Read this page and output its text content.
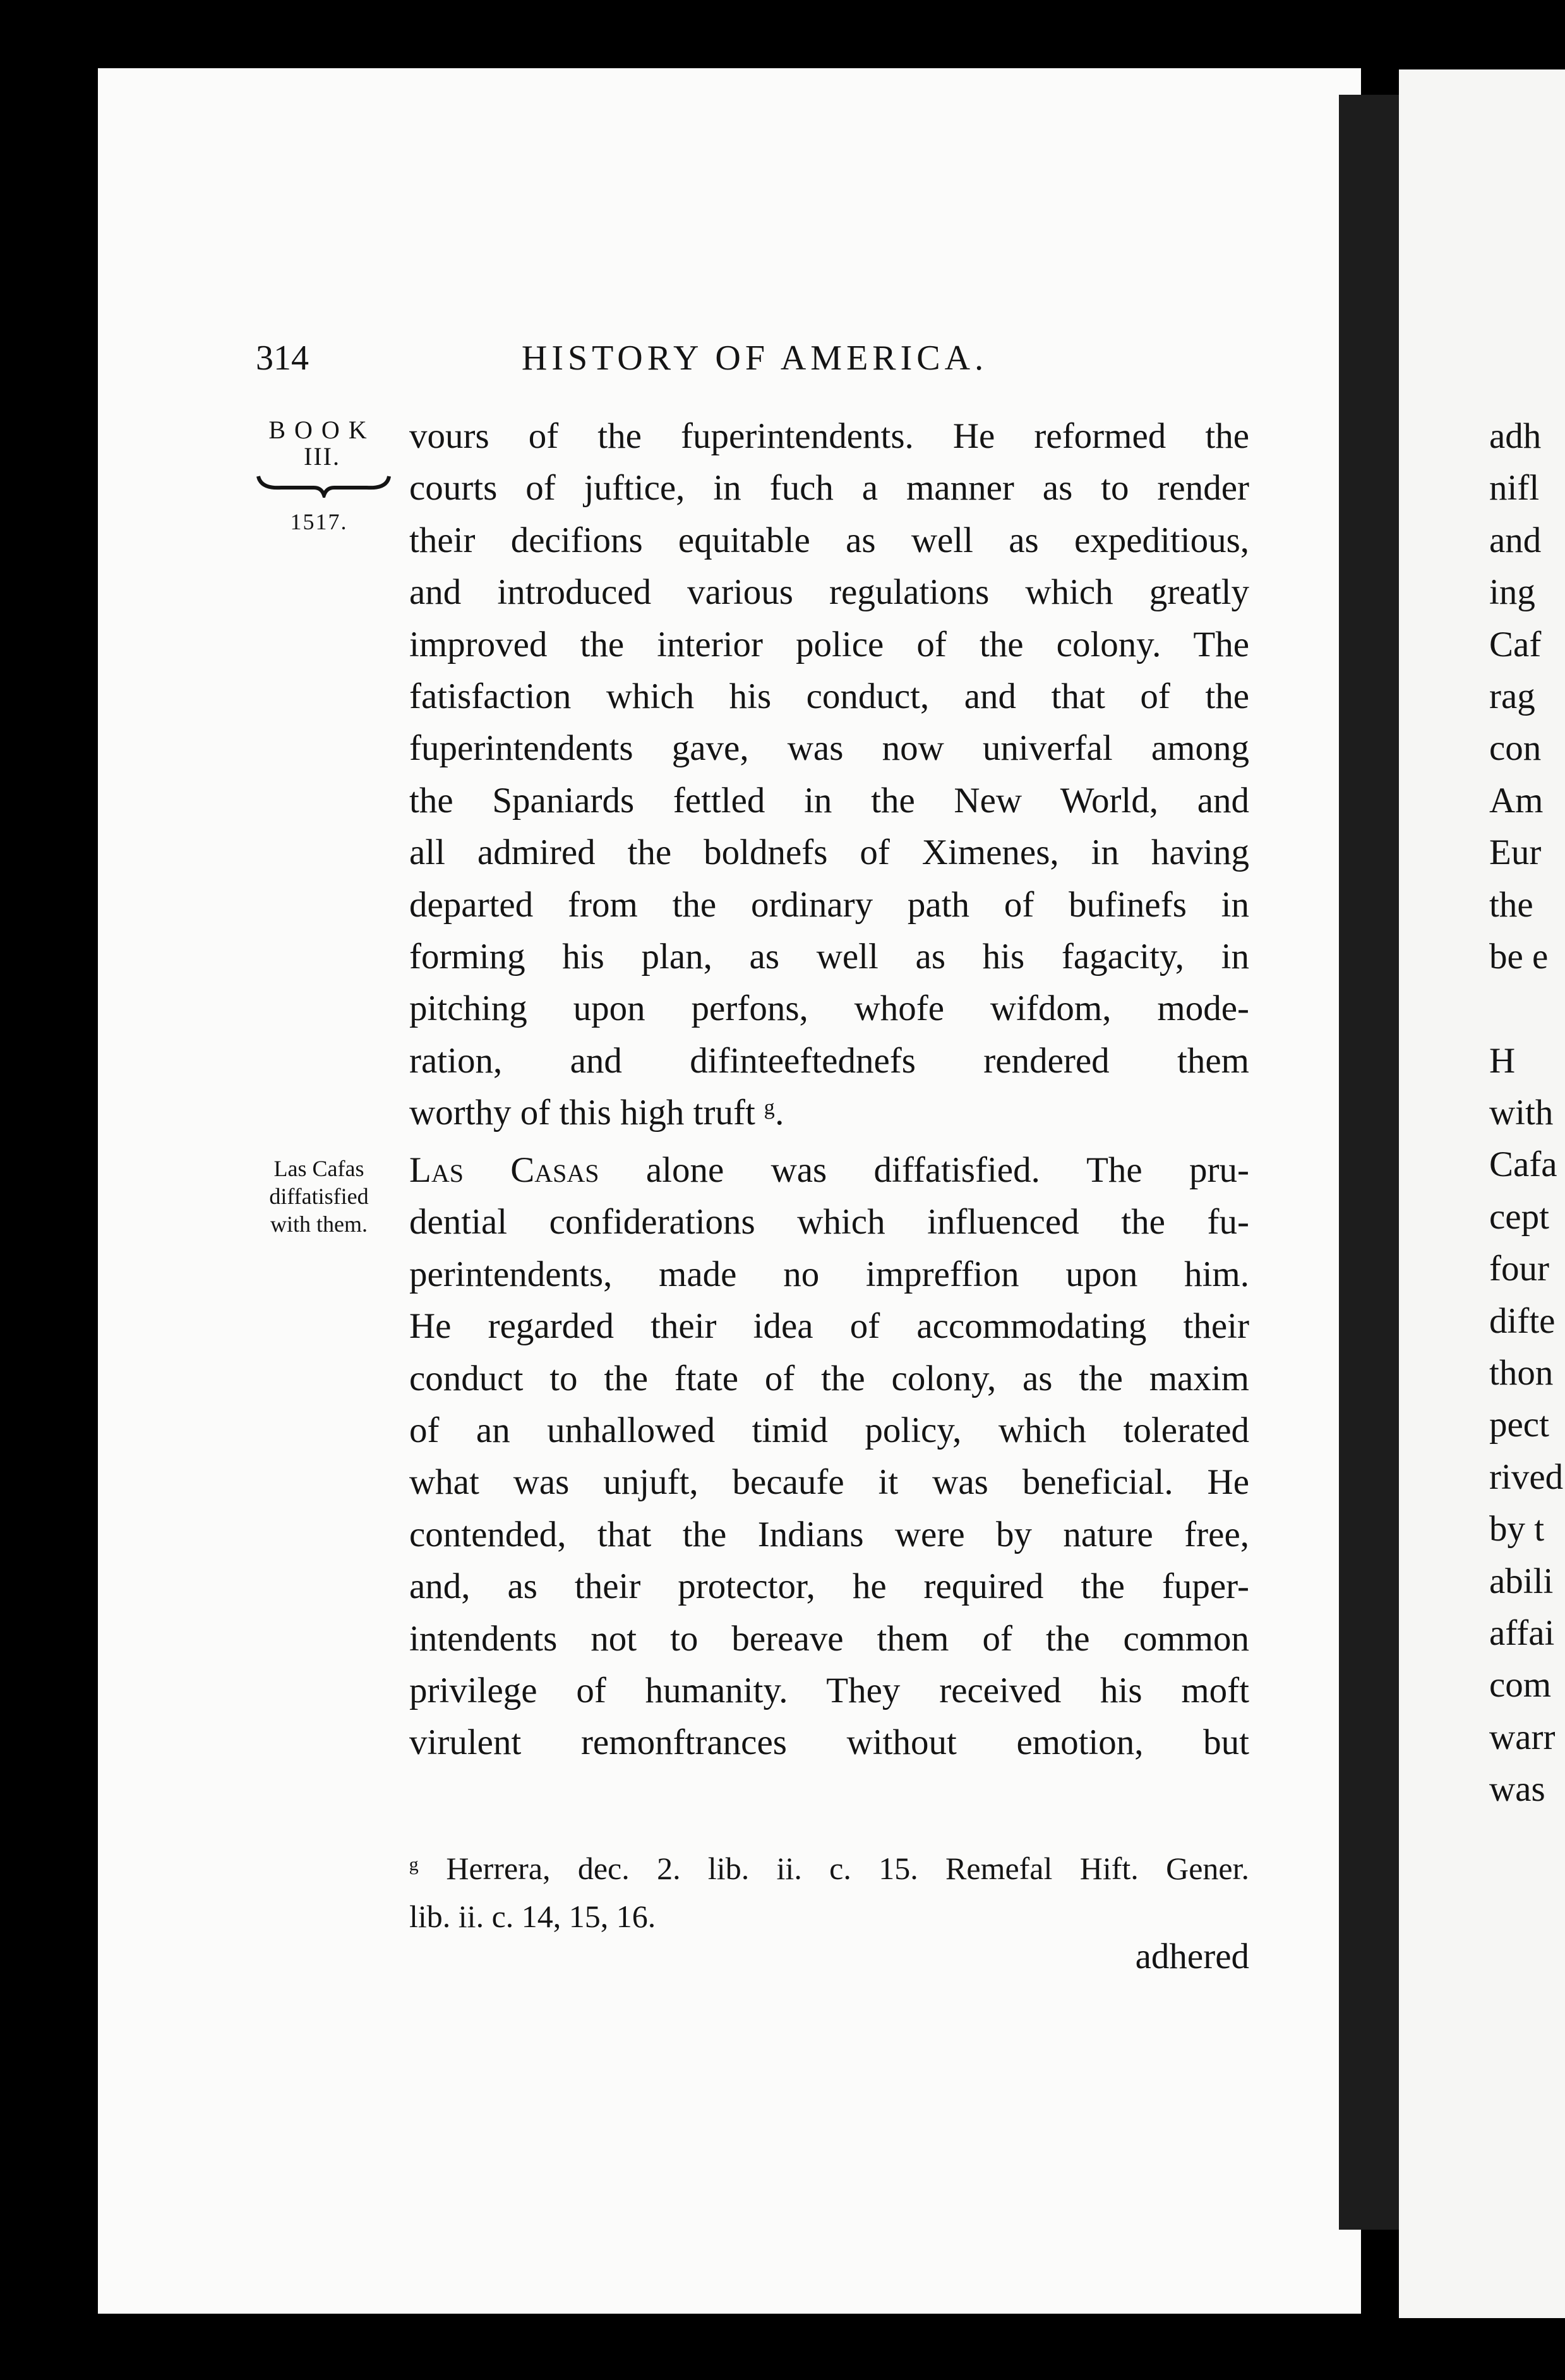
314	HISTORY OF AMERICA.
BOOK
III.
1517.
Las Cafas
diffatisfied
with them.
vours of the fuperintendents. He reformed the
courts of juftice, in fuch a manner as to render
their decifions equitable as well as expeditious,
and introduced various regulations which greatly
improved the interior police of the colony. The
fatisfaction which his conduct, and that of the
fuperintendents gave, was now univerfal among
the Spaniards fettled in the New World, and
all admired the boldnefs of Ximenes, in having
departed from the ordinary path of bufinefs in
forming his plan, as well as his fagacity, in
pitching upon perfons, whofe wifdom, mode-
ration, and difinteeftednefs rendered them
worthy of this high truft ᵍ.
Las Casas alone was diffatisfied. The pru-
dential confiderations which influenced the fu-
perintendents, made no impreffion upon him.
He regarded their idea of accommodating their
conduct to the ftate of the colony, as the maxim
of an unhallowed timid policy, which tolerated
what was unjuft, becaufe it was beneficial. He
contended, that the Indians were by nature free,
and, as their protector, he required the fuper-
intendents not to bereave them of the common
privilege of humanity. They received his moft
virulent remonftrances without emotion, but
ᵍ Herrera, dec. 2. lib. ii. c. 15. Remefal Hift. Gener.
lib. ii. c. 14, 15, 16.
adhered
adh
nifl
and
ing
Caf
rag
con
Am
Eur
the
be e
H
with
Cafa
cept
four
difte
thon
pect
rived
by t
abili
affai
com
warr
was
